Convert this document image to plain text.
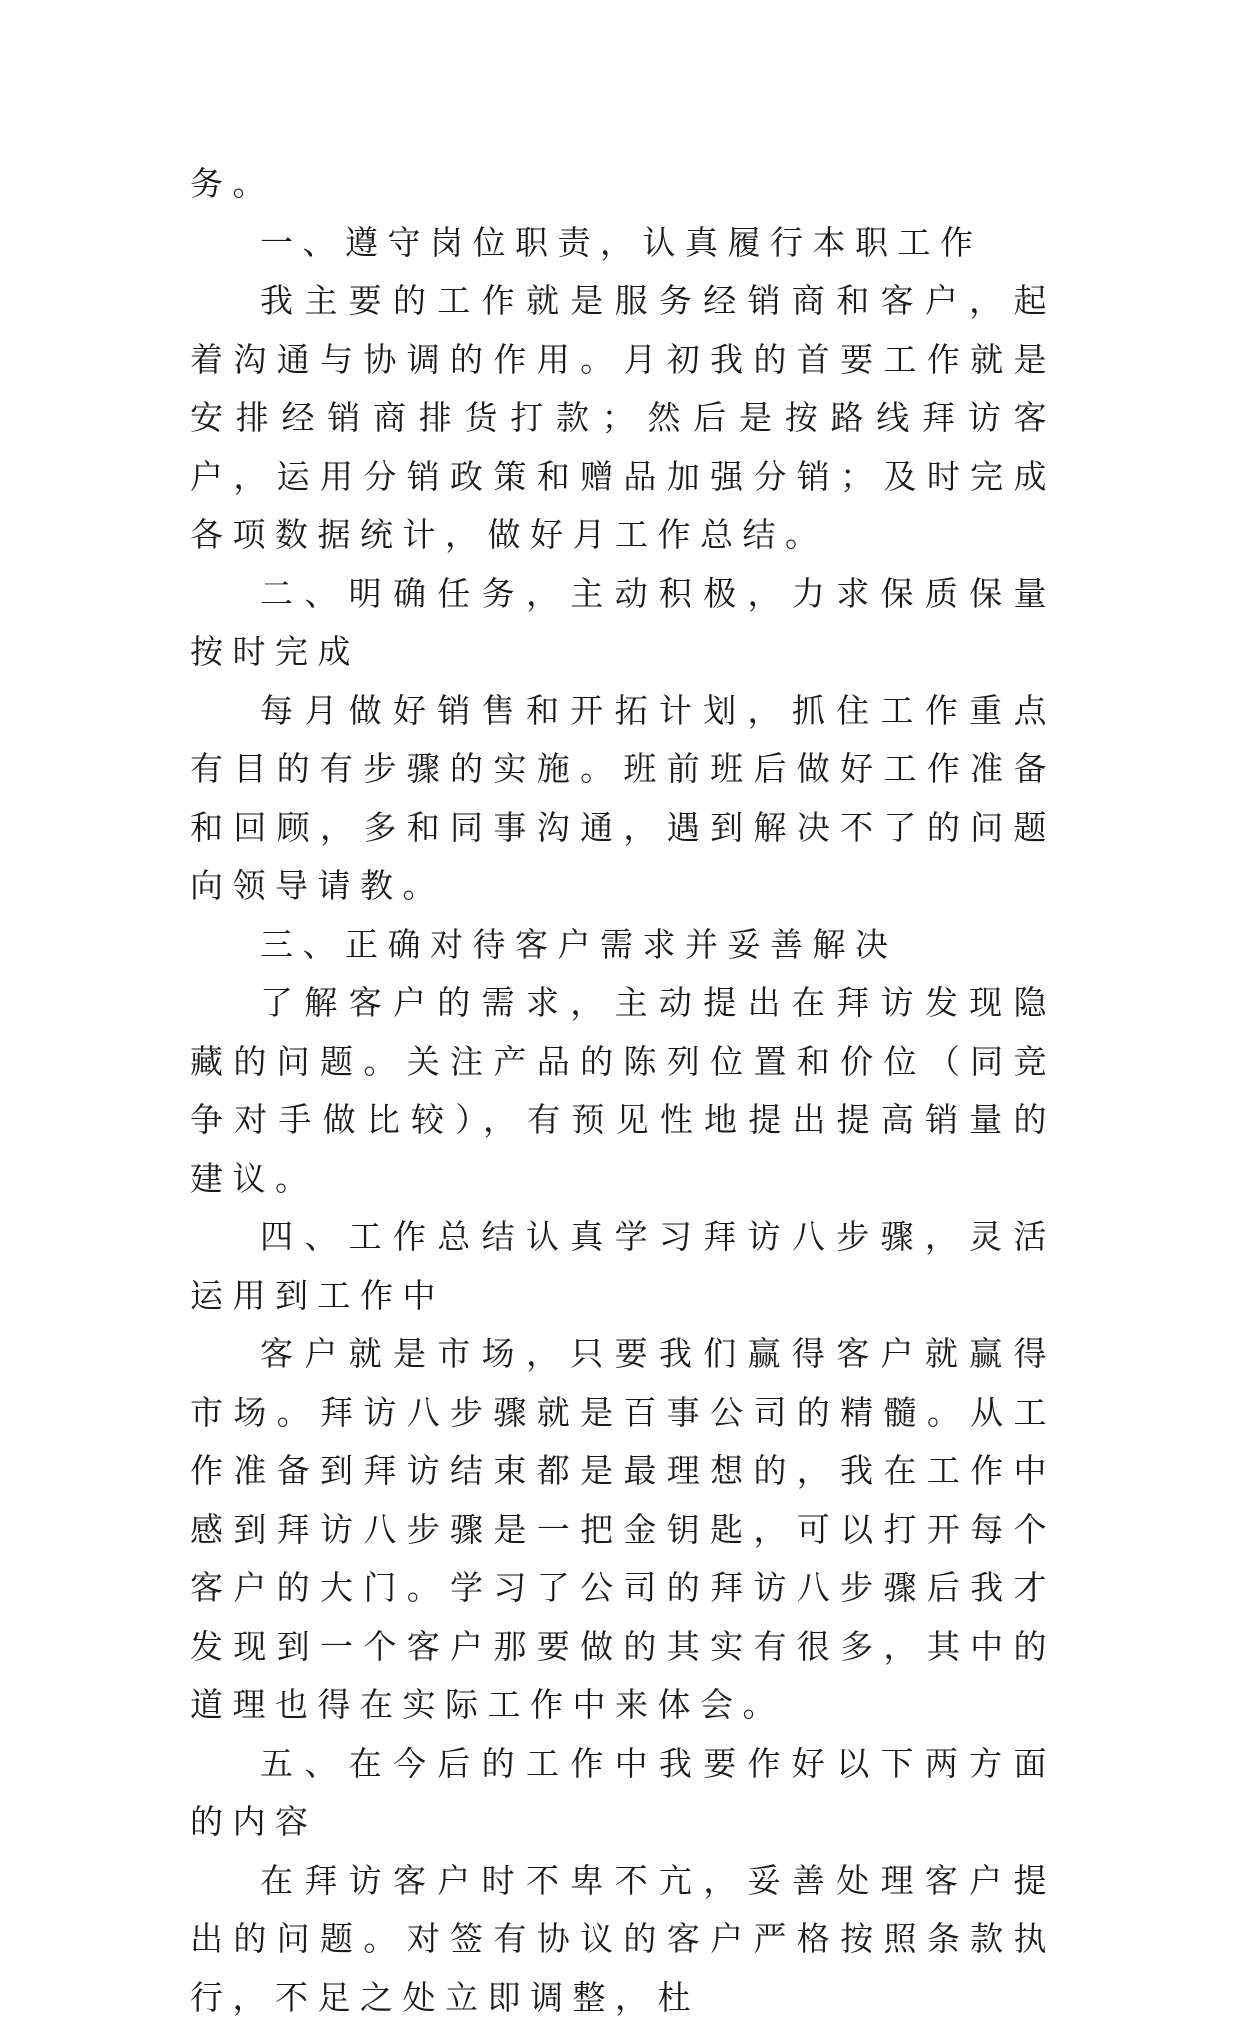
务。

一、遵守岗位职责，认真履行本职工作

我主要的工作就是服务经销商和客户，起着沟通与协调的作用。月初我的首要工作就是安排经销商排货打款；然后是按路线拜访客户，运用分销政策和赠品加强分销；及时完成各项数据统计，做好月工作总结。

二、明确任务，主动积极，力求保质保量按时完成

每月做好销售和开拓计划，抓住工作重点有目的有步骤的实施。班前班后做好工作准备和回顾，多和同事沟通，遇到解决不了的问题向领导请教。

三、正确对待客户需求并妥善解决

了解客户的需求，主动提出在拜访发现隐藏的问题。关注产品的陈列位置和价位（同竞争对手做比较），有预见性地提出提高销量的建议。

四、工作总结认真学习拜访八步骤，灵活运用到工作中

客户就是市场，只要我们赢得客户就赢得市场。拜访八步骤就是百事公司的精髓。从工作准备到拜访结束都是最理想的，我在工作中感到拜访八步骤是一把金钥匙，可以打开每个客户的大门。学习了公司的拜访八步骤后我才发现到一个客户那要做的其实有很多，其中的道理也得在实际工作中来体会。

五、在今后的工作中我要作好以下两方面的内容

在拜访客户时不卑不亢，妥善处理客户提出的问题。对签有协议的客户严格按照条款执行，不足之处立即调整，杜
